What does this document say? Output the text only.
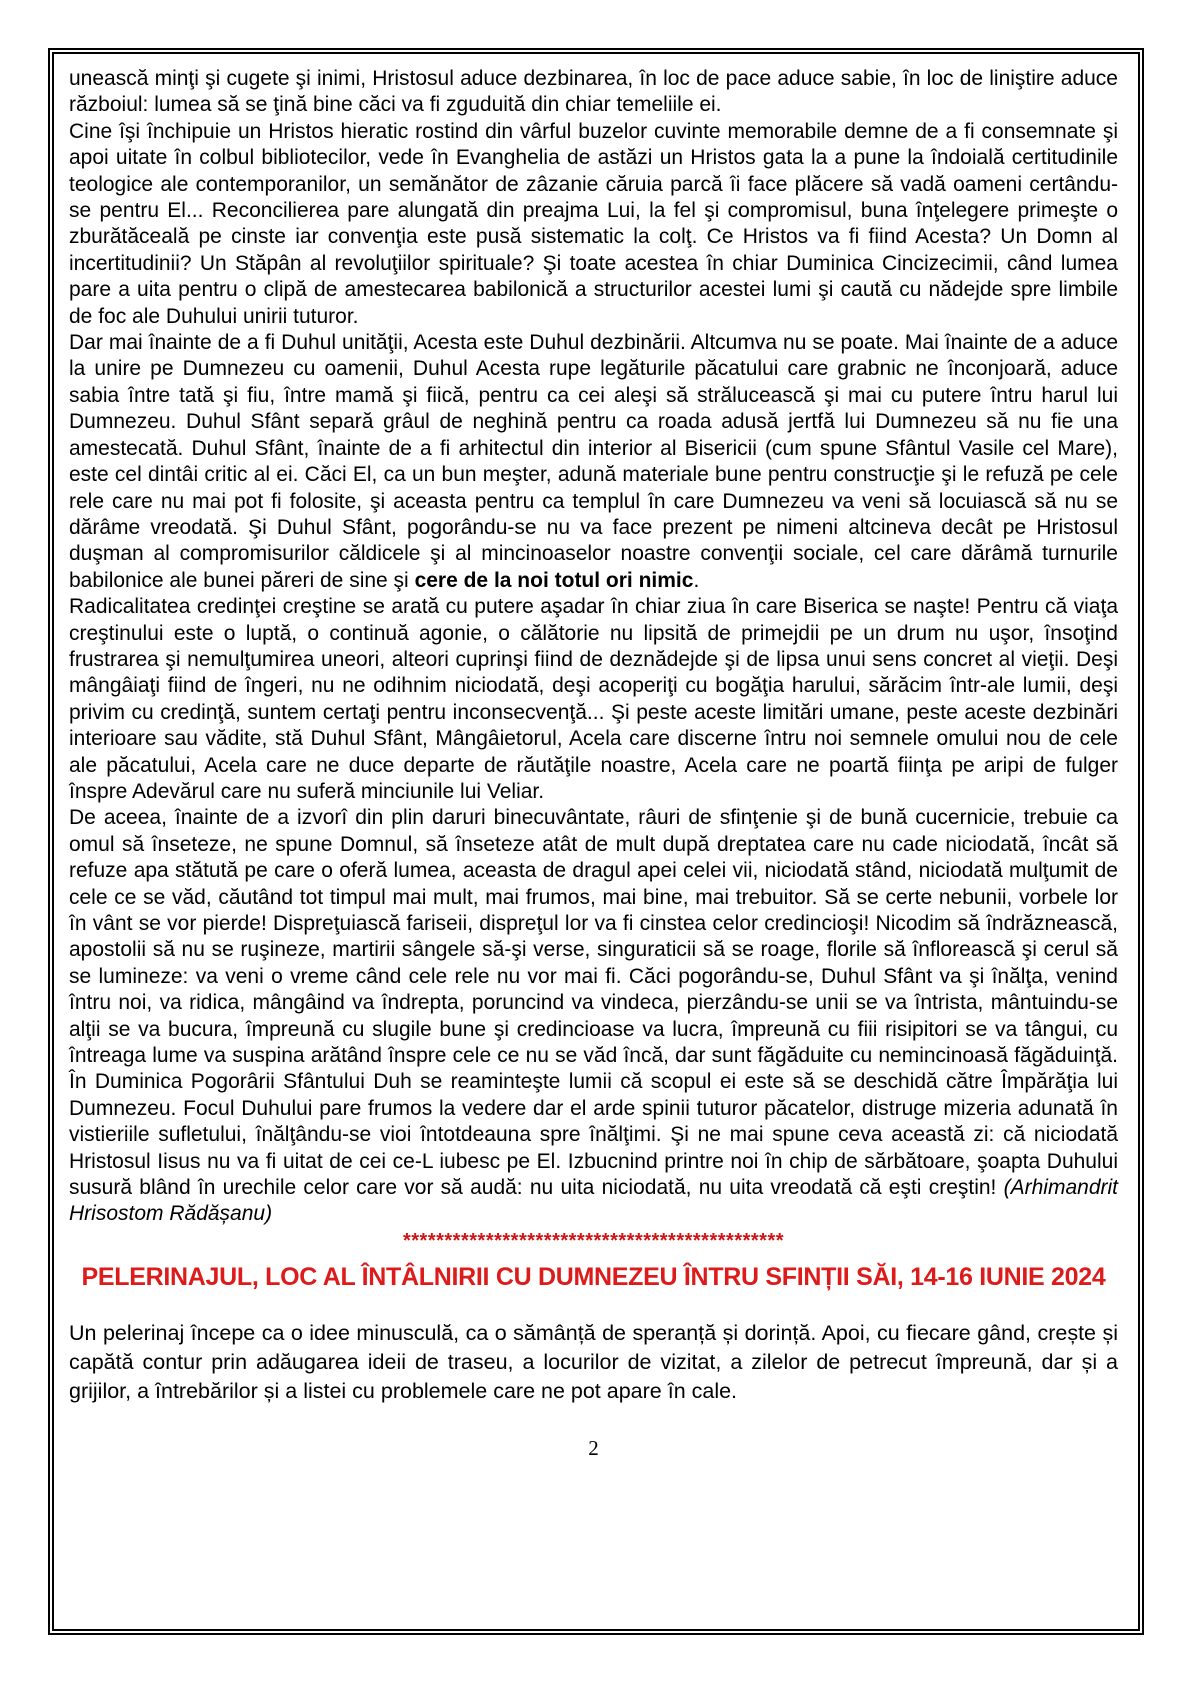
unească minţi şi cugete şi inimi, Hristosul aduce dezbinarea, în loc de pace aduce sabie, în loc de liniştire aduce războiul: lumea să se ţină bine căci va fi zguduită din chiar temeliile ei.

Cine îşi închipuie un Hristos hieratic rostind din vârful buzelor cuvinte memorabile demne de a fi consemnate şi apoi uitate în colbul bibliotecilor, vede în Evanghelia de astăzi un Hristos gata la a pune la îndoială certitudinile teologice ale contemporanilor, un semănător de zâzanie căruia parcă îi face plăcere să vadă oameni certându-se pentru El... Reconcilierea pare alungată din preajma Lui, la fel şi compromisul, buna înţelegere primeşte o zburătăceală pe cinste iar convenţia este pusă sistematic la colţ. Ce Hristos va fi fiind Acesta? Un Domn al incertitudinii? Un Stăpân al revoluţiilor spirituale? Şi toate acestea în chiar Duminica Cincizecimii, când lumea pare a uita pentru o clipă de amestecarea babilonică a structurilor acestei lumi şi caută cu nădejde spre limbile de foc ale Duhului unirii tuturor.

Dar mai înainte de a fi Duhul unităţii, Acesta este Duhul dezbinării. Altcumva nu se poate. Mai înainte de a aduce la unire pe Dumnezeu cu oamenii, Duhul Acesta rupe legăturile păcatului care grabnic ne înconjoară, aduce sabia între tată şi fiu, între mamă şi fiică, pentru ca cei aleşi să strălucească şi mai cu putere întru harul lui Dumnezeu. Duhul Sfânt separă grâul de neghină pentru ca roada adusă jertfă lui Dumnezeu să nu fie una amestecată. Duhul Sfânt, înainte de a fi arhitectul din interior al Bisericii (cum spune Sfântul Vasile cel Mare), este cel dintâi critic al ei. Căci El, ca un bun meşter, adună materiale bune pentru construcţie şi le refuză pe cele rele care nu mai pot fi folosite, şi aceasta pentru ca templul în care Dumnezeu va veni să locuiască să nu se dărâme vreodată. Şi Duhul Sfânt, pogorându-se nu va face prezent pe nimeni altcineva decât pe Hristosul duşman al compromisurilor căldicele şi al mincinoaselor noastre convenţii sociale, cel care dărâmă turnurile babilonice ale bunei păreri de sine şi cere de la noi totul ori nimic.

Radicalitatea credinţei creştine se arată cu putere aşadar în chiar ziua în care Biserica se naşte! Pentru că viaţa creştinului este o luptă, o continuă agonie, o călătorie nu lipsită de primejdii pe un drum nu uşor, însoţind frustrarea şi nemulţumirea uneori, alteori cuprinşi fiind de deznădejde şi de lipsa unui sens concret al vieţii. Deşi mângâiaţi fiind de îngeri, nu ne odihnim niciodată, deşi acoperiţi cu bogăţia harului, sărăcim într-ale lumii, deşi privim cu credinţă, suntem certaţi pentru inconsecvenţă... Şi peste aceste limitări umane, peste aceste dezbinări interioare sau vădite, stă Duhul Sfânt, Mângâietorul, Acela care discerne întru noi semnele omului nou de cele ale păcatului, Acela care ne duce departe de răutăţile noastre, Acela care ne poartă fiinţa pe aripi de fulger înspre Adevărul care nu suferă minciunile lui Veliar.

De aceea, înainte de a izvorî din plin daruri binecuvântate, râuri de sfinţenie şi de bună cucernicie, trebuie ca omul să înseteze, ne spune Domnul, să înseteze atât de mult după dreptatea care nu cade niciodată, încât să refuze apa stătută pe care o oferă lumea, aceasta de dragul apei celei vii, niciodată stând, niciodată mulţumit de cele ce se văd, căutând tot timpul mai mult, mai frumos, mai bine, mai trebuitor. Să se certe nebunii, vorbele lor în vânt se vor pierde! Dispreţuiască fariseii, dispreţul lor va fi cinstea celor credincioşi! Nicodim să îndrăznească, apostolii să nu se ruşineze, martirii sângele să-şi verse, singuraticii să se roage, florile să înflorească şi cerul să se lumineze: va veni o vreme când cele rele nu vor mai fi. Căci pogorându-se, Duhul Sfânt va şi înălţa, venind întru noi, va ridica, mângâind va îndrepta, poruncind va vindeca, pierzându-se unii se va întrista, mântuindu-se alţii se va bucura, împreună cu slugile bune şi credincioase va lucra, împreună cu fiii risipitori se va tângui, cu întreaga lume va suspina arătând înspre cele ce nu se văd încă, dar sunt făgăduite cu nemincinoasă făgăduinţă. În Duminica Pogorârii Sfântului Duh se reaminteşte lumii că scopul ei este să se deschidă către Împărăţia lui Dumnezeu. Focul Duhului pare frumos la vedere dar el arde spinii tuturor păcatelor, distruge mizeria adunată în vistieriile sufletului, înălţându-se vioi întotdeauna spre înălţimi. Şi ne mai spune ceva această zi: că niciodată Hristosul Iisus nu va fi uitat de cei ce-L iubesc pe El. Izbucnind printre noi în chip de sărbătoare, şoapta Duhului susură blând în urechile celor care vor să audă: nu uita niciodată, nu uita vreodată că eşti creştin! (Arhimandrit Hrisostom Rădășanu)

**********************************************
PELERINAJUL, LOC AL ÎNTÂLNIRII CU DUMNEZEU ÎNTRU SFINȚII SĂI, 14-16 IUNIE 2024

Un pelerinaj începe ca o idee minusculă, ca o sămânță de speranță și dorință. Apoi, cu fiecare gând, crește și capătă contur prin adăugarea ideii de traseu, a locurilor de vizitat, a zilelor de petrecut împreună, dar și a grijilor, a întrebărilor și a listei cu problemele care ne pot apare în cale.

2
